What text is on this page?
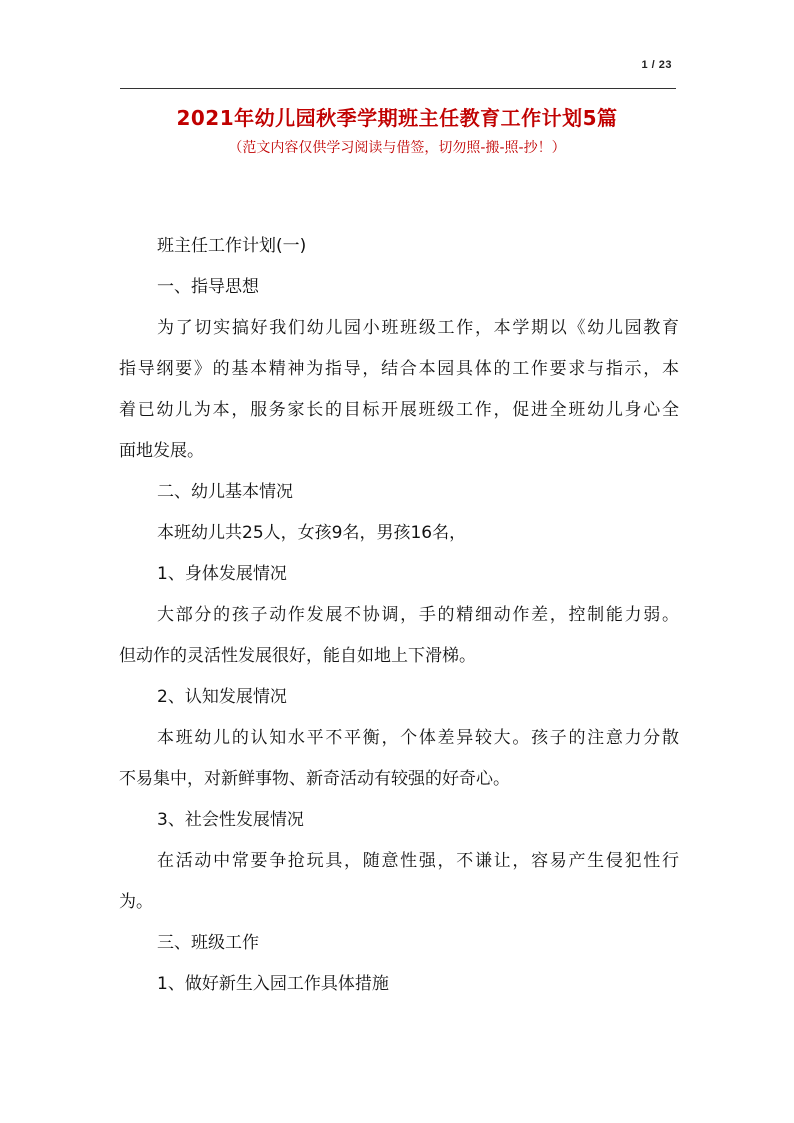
1 / 23
2021年幼儿园秋季学期班主任教育工作计划5篇
（范文内容仅供学习阅读与借签，切勿照-搬-照-抄！）
班主任工作计划(一)
一、指导思想
为了切实搞好我们幼儿园小班班级工作，本学期以《幼儿园教育
指导纲要》的基本精神为指导，结合本园具体的工作要求与指示，本
着已幼儿为本，服务家长的目标开展班级工作，促进全班幼儿身心全
面地发展。
二、幼儿基本情况
本班幼儿共25人，女孩9名，男孩16名，
1、身体发展情况
大部分的孩子动作发展不协调，手的精细动作差，控制能力弱。
但动作的灵活性发展很好，能自如地上下滑梯。
2、认知发展情况
本班幼儿的认知水平不平衡，个体差异较大。孩子的注意力分散
不易集中，对新鲜事物、新奇活动有较强的好奇心。
3、社会性发展情况
在活动中常要争抢玩具，随意性强，不谦让，容易产生侵犯性行
为。
三、班级工作
1、做好新生入园工作具体措施
